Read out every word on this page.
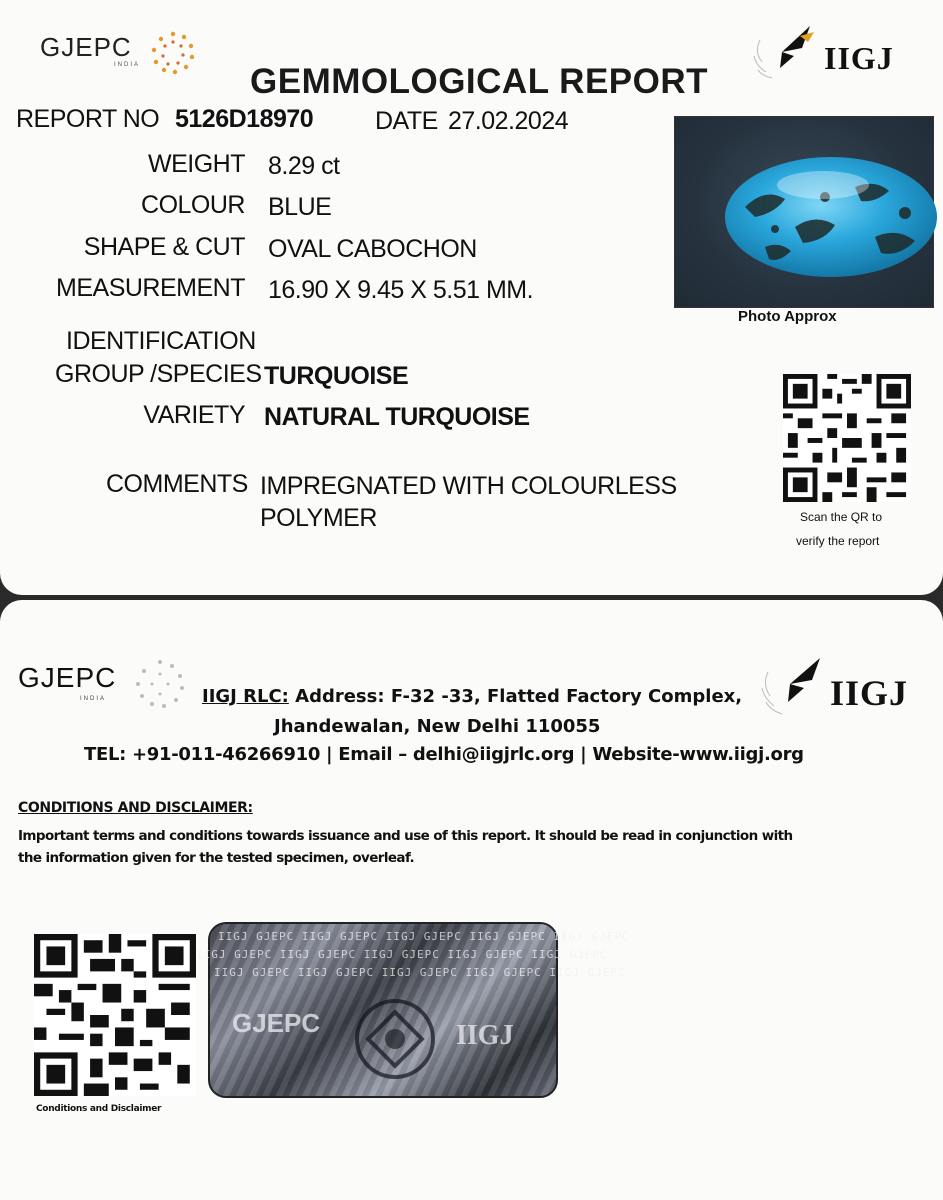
GJEPC
INDIA	IIGJ
GEMMOLOGICAL REPORT
REPORT NO 5126D18970 DATE 27.02.2024
WEIGHT 8.29 ct
COLOUR BLUE
SHAPE & CUT OVAL CABOCHON
MEASUREMENT 16.90 X 9.45 X 5.51 MM.
IDENTIFICATION
GROUP /SPECIES TURQUOISE
VARIETY NATURAL TURQUOISE
COMMENTS IMPREGNATED WITH COLOURLESS
POLYMER
Photo Approx
Scan the QR to
verify the report
GJEPC
INDIA	IIGJ
IIGJ RLC: Address: F-32 -33, Flatted Factory Complex,
Jhandewalan, New Delhi 110055
TEL: +91-011-46266910 | Email – delhi@iigjrlc.org | Website-www.iigj.org
CONDITIONS AND DISCLAIMER:
Important terms and conditions towards issuance and use of this report. It should be read in conjunction with
the information given for the tested specimen, overleaf.
Conditions and Disclaimer
IIGJ GJEPC IIGJ GJEPC IIGJ GJEPC IIGJ GJEPC IIGJ GJEPC
IIGJ GJEPC IIGJ GJEPC IIGJ GJEPC IIGJ GJEPC IIGJ GJEPC
IIGJ GJEPC IIGJ GJEPC IIGJ GJEPC IIGJ GJEPC IIGJ GJEPC
GJEPC	IIGJ
